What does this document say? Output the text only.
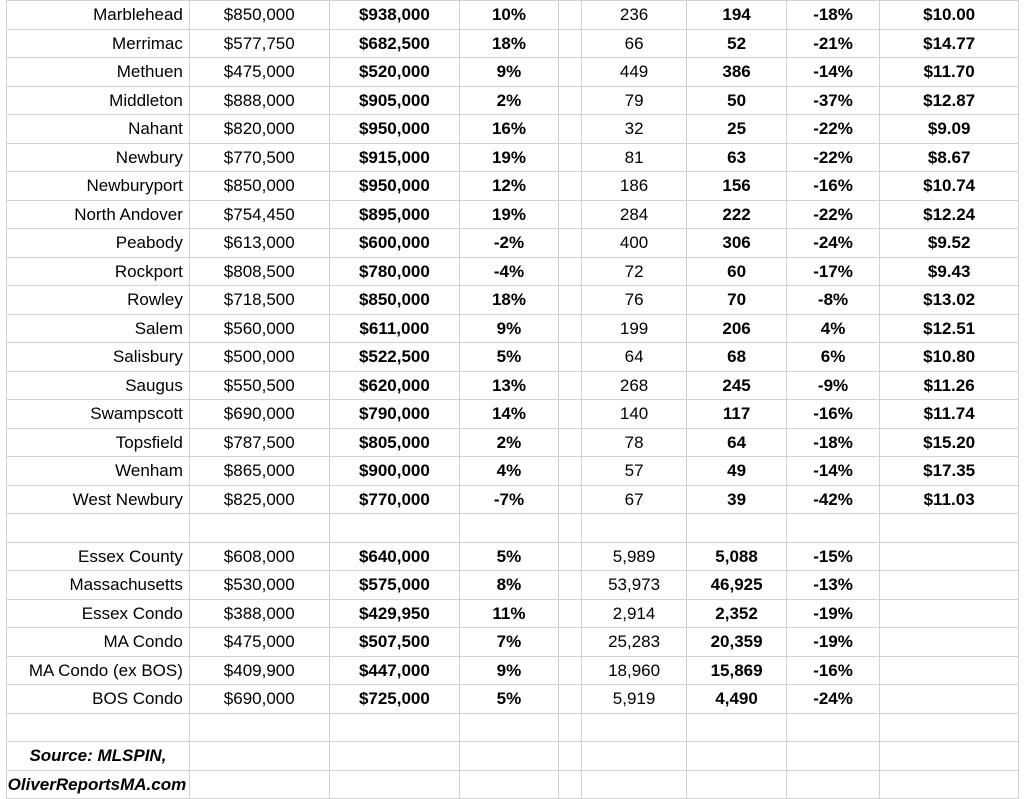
Marblehead	$850,000	$938,000	10%		236	194	-18%	$10.00
Merrimac	$577,750	$682,500	18%		66	52	-21%	$14.77
Methuen	$475,000	$520,000	9%		449	386	-14%	$11.70
Middleton	$888,000	$905,000	2%		79	50	-37%	$12.87
Nahant	$820,000	$950,000	16%		32	25	-22%	$9.09
Newbury	$770,500	$915,000	19%		81	63	-22%	$8.67
Newburyport	$850,000	$950,000	12%		186	156	-16%	$10.74
North Andover	$754,450	$895,000	19%		284	222	-22%	$12.24
Peabody	$613,000	$600,000	-2%		400	306	-24%	$9.52
Rockport	$808,500	$780,000	-4%		72	60	-17%	$9.43
Rowley	$718,500	$850,000	18%		76	70	-8%	$13.02
Salem	$560,000	$611,000	9%		199	206	4%	$12.51
Salisbury	$500,000	$522,500	5%		64	68	6%	$10.80
Saugus	$550,500	$620,000	13%		268	245	-9%	$11.26
Swampscott	$690,000	$790,000	14%		140	117	-16%	$11.74
Topsfield	$787,500	$805,000	2%		78	64	-18%	$15.20
Wenham	$865,000	$900,000	4%		57	49	-14%	$17.35
West Newbury	$825,000	$770,000	-7%		67	39	-42%	$11.03

Essex County	$608,000	$640,000	5%		5,989	5,088	-15%	
Massachusetts	$530,000	$575,000	8%		53,973	46,925	-13%	
Essex Condo	$388,000	$429,950	11%		2,914	2,352	-19%	
MA Condo	$475,000	$507,500	7%		25,283	20,359	-19%	
MA Condo (ex BOS)	$409,900	$447,000	9%		18,960	15,869	-16%	
BOS Condo	$690,000	$725,000	5%		5,919	4,490	-24%	

Source: MLSPIN,								
OliverReportsMA.com								
